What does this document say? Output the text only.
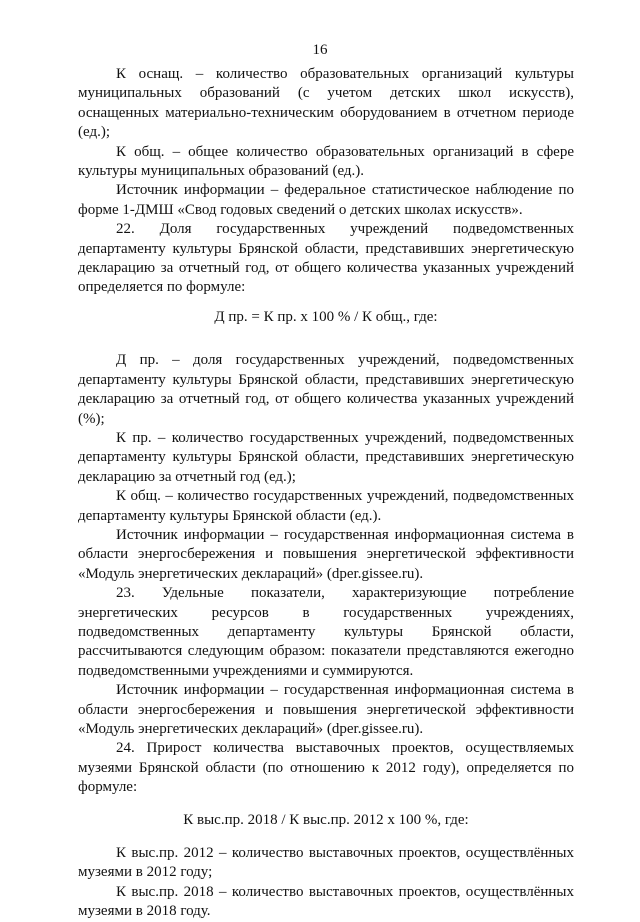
16

К оснащ. – количество образовательных организаций культуры муниципальных образований (с учетом детских школ искусств), оснащенных материально-техническим оборудованием в отчетном периоде (ед.);

К общ. – общее количество образовательных организаций в сфере культуры муниципальных образований (ед.).

Источник информации – федеральное статистическое наблюдение по форме 1-ДМШ «Свод годовых сведений о детских школах искусств».

22. Доля государственных учреждений подведомственных департаменту культуры Брянской области, представивших энергетическую декларацию за отчетный год, от общего количества указанных учреждений определяется по формуле:

Д пр. = К пр. х 100 % / К общ., где:

Д пр. – доля государственных учреждений, подведомственных департаменту культуры Брянской области, представивших энергетическую декларацию за отчетный год, от общего количества указанных учреждений (%);

К пр. – количество государственных учреждений, подведомственных департаменту культуры Брянской области, представивших энергетическую декларацию за отчетный год (ед.);

К общ. – количество государственных учреждений, подведомственных департаменту культуры Брянской области (ед.).

Источник информации – государственная информационная система в области энергосбережения и повышения энергетической эффективности «Модуль энергетических деклараций» (dper.gissee.ru).

23. Удельные показатели, характеризующие потребление энергетических ресурсов в государственных учреждениях, подведомственных департаменту культуры Брянской области, рассчитываются следующим образом: показатели представляются ежегодно подведомственными учреждениями и суммируются.

Источник информации – государственная информационная система в области энергосбережения и повышения энергетической эффективности «Модуль энергетических деклараций» (dper.gissee.ru).

24. Прирост количества выставочных проектов, осуществляемых музеями Брянской области (по отношению к 2012 году), определяется по формуле:

К выс.пр. 2018 / К выс.пр. 2012 х 100 %, где:

К выс.пр. 2012 – количество выставочных проектов, осуществлённых музеями в 2012 году;

К выс.пр. 2018 – количество выставочных проектов, осуществлённых музеями в 2018 году.
